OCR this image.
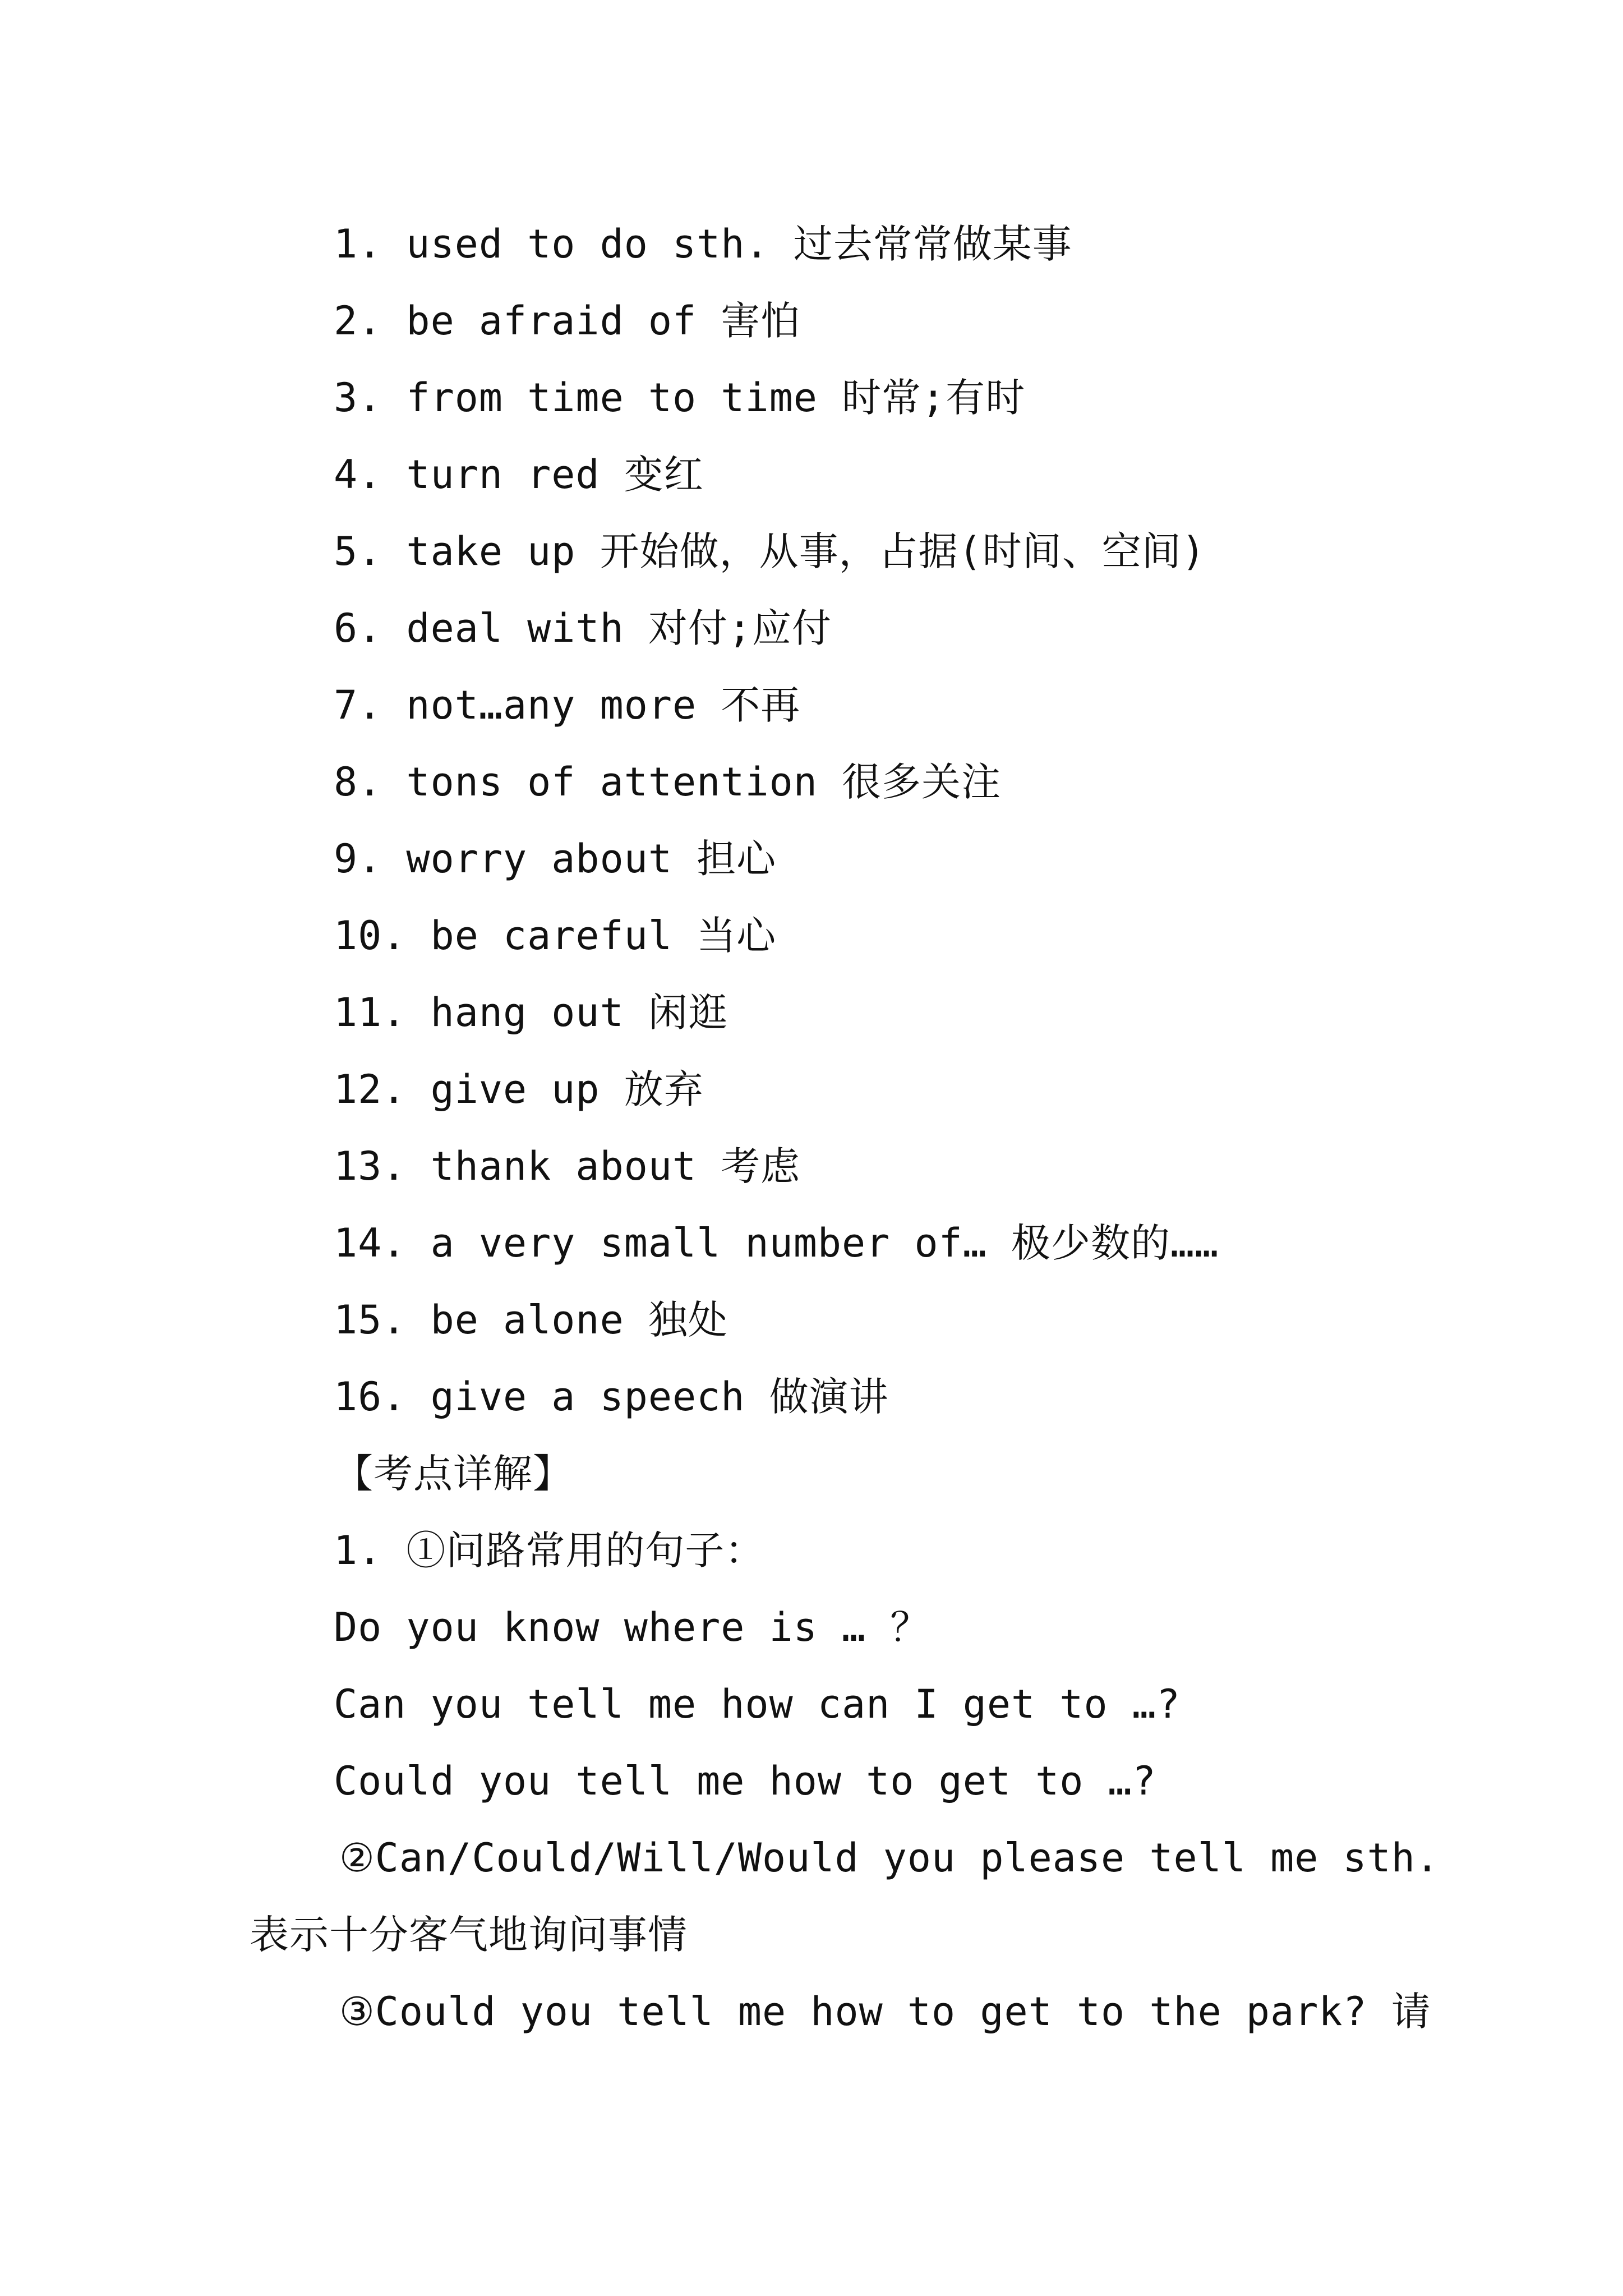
1. used to do sth. 过去常常做某事
2. be afraid of 害怕
3. from time to time 时常;有时
4. turn red 变红
5. take up 开始做，从事，占据(时间、空间)
6. deal with 对付;应付
7. not…any more 不再
8. tons of attention 很多关注
9. worry about 担心
10. be careful 当心
11. hang out 闲逛
12. give up 放弃
13. thank about 考虑
14. a very small number of… 极少数的……
15. be alone 独处
16. give a speech 做演讲
【考点详解】
1. ①问路常用的句子：
Do you know where is … ？
Can you tell me how can I get to …?
Could you tell me how to get to …?
②Can/Could/Will/Would you please tell me sth.
表示十分客气地询问事情
③Could you tell me how to get to the park? 请
